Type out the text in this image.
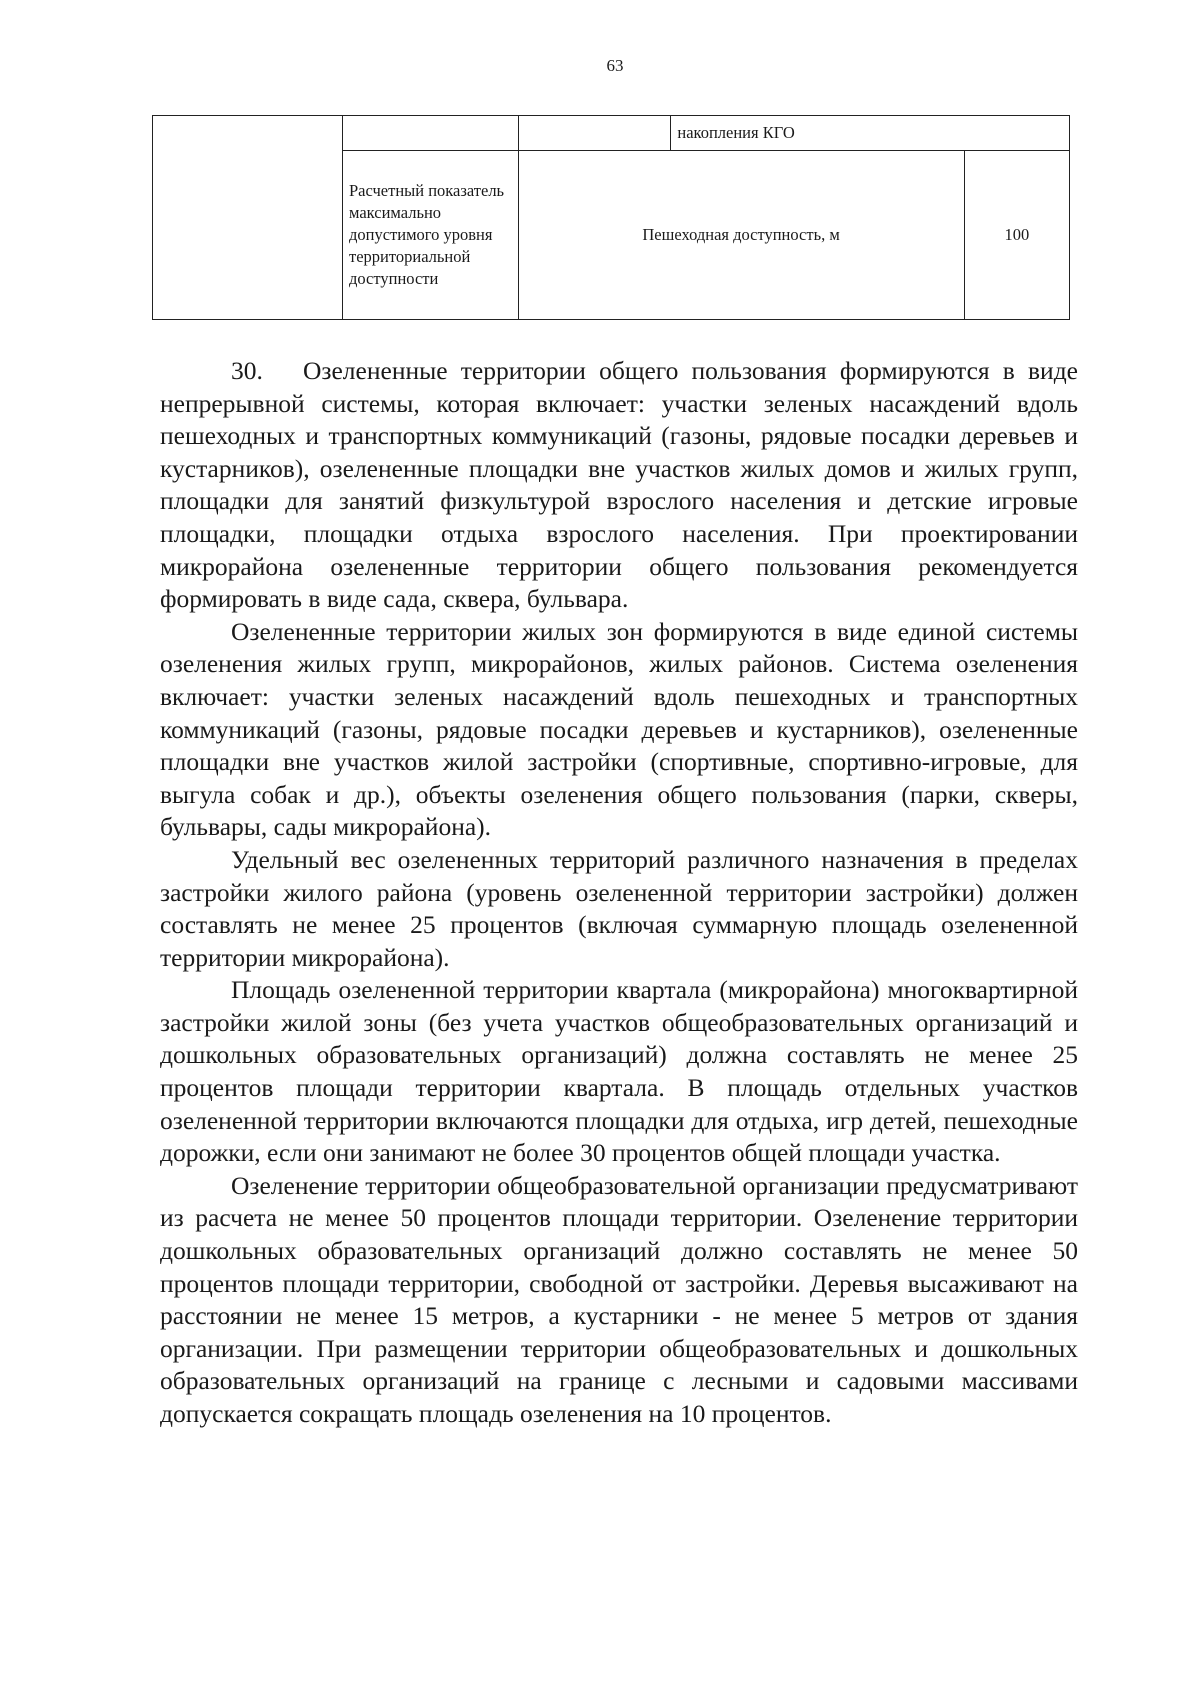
63
			накопления КГО	
	Расчетный показатель максимально допустимого уровня территориальной доступности	Пешеходная доступность, м		100

30. Озелененные территории общего пользования формируются в виде непрерывной системы, которая включает: участки зеленых насаждений вдоль пешеходных и транспортных коммуникаций (газоны, рядовые посадки деревьев и кустарников), озелененные площадки вне участков жилых домов и жилых групп, площадки для занятий физкультурой взрослого населения и детские игровые площадки, площадки отдыха взрослого населения. При проектировании микрорайона озелененные территории общего пользования рекомендуется формировать в виде сада, сквера, бульвара.

Озелененные территории жилых зон формируются в виде единой системы озеленения жилых групп, микрорайонов, жилых районов. Система озеленения включает: участки зеленых насаждений вдоль пешеходных и транспортных коммуникаций (газоны, рядовые посадки деревьев и кустарников), озелененные площадки вне участков жилой застройки (спортивные, спортивно-игровые, для выгула собак и др.), объекты озеленения общего пользования (парки, скверы, бульвары, сады микрорайона).

Удельный вес озелененных территорий различного назначения в пределах застройки жилого района (уровень озелененной территории застройки) должен составлять не менее 25 процентов (включая суммарную площадь озелененной территории микрорайона).

Площадь озелененной территории квартала (микрорайона) многоквартирной застройки жилой зоны (без учета участков общеобразовательных организаций и дошкольных образовательных организаций) должна составлять не менее 25 процентов площади территории квартала. В площадь отдельных участков озелененной территории включаются площадки для отдыха, игр детей, пешеходные дорожки, если они занимают не более 30 процентов общей площади участка.

Озеленение территории общеобразовательной организации предусматривают из расчета не менее 50 процентов площади территории. Озеленение территории дошкольных образовательных организаций должно составлять не менее 50 процентов площади территории, свободной от застройки. Деревья высаживают на расстоянии не менее 15 метров, а кустарники - не менее 5 метров от здания организации. При размещении территории общеобразовательных и дошкольных образовательных организаций на границе с лесными и садовыми массивами допускается сокращать площадь озеленения на 10 процентов.
